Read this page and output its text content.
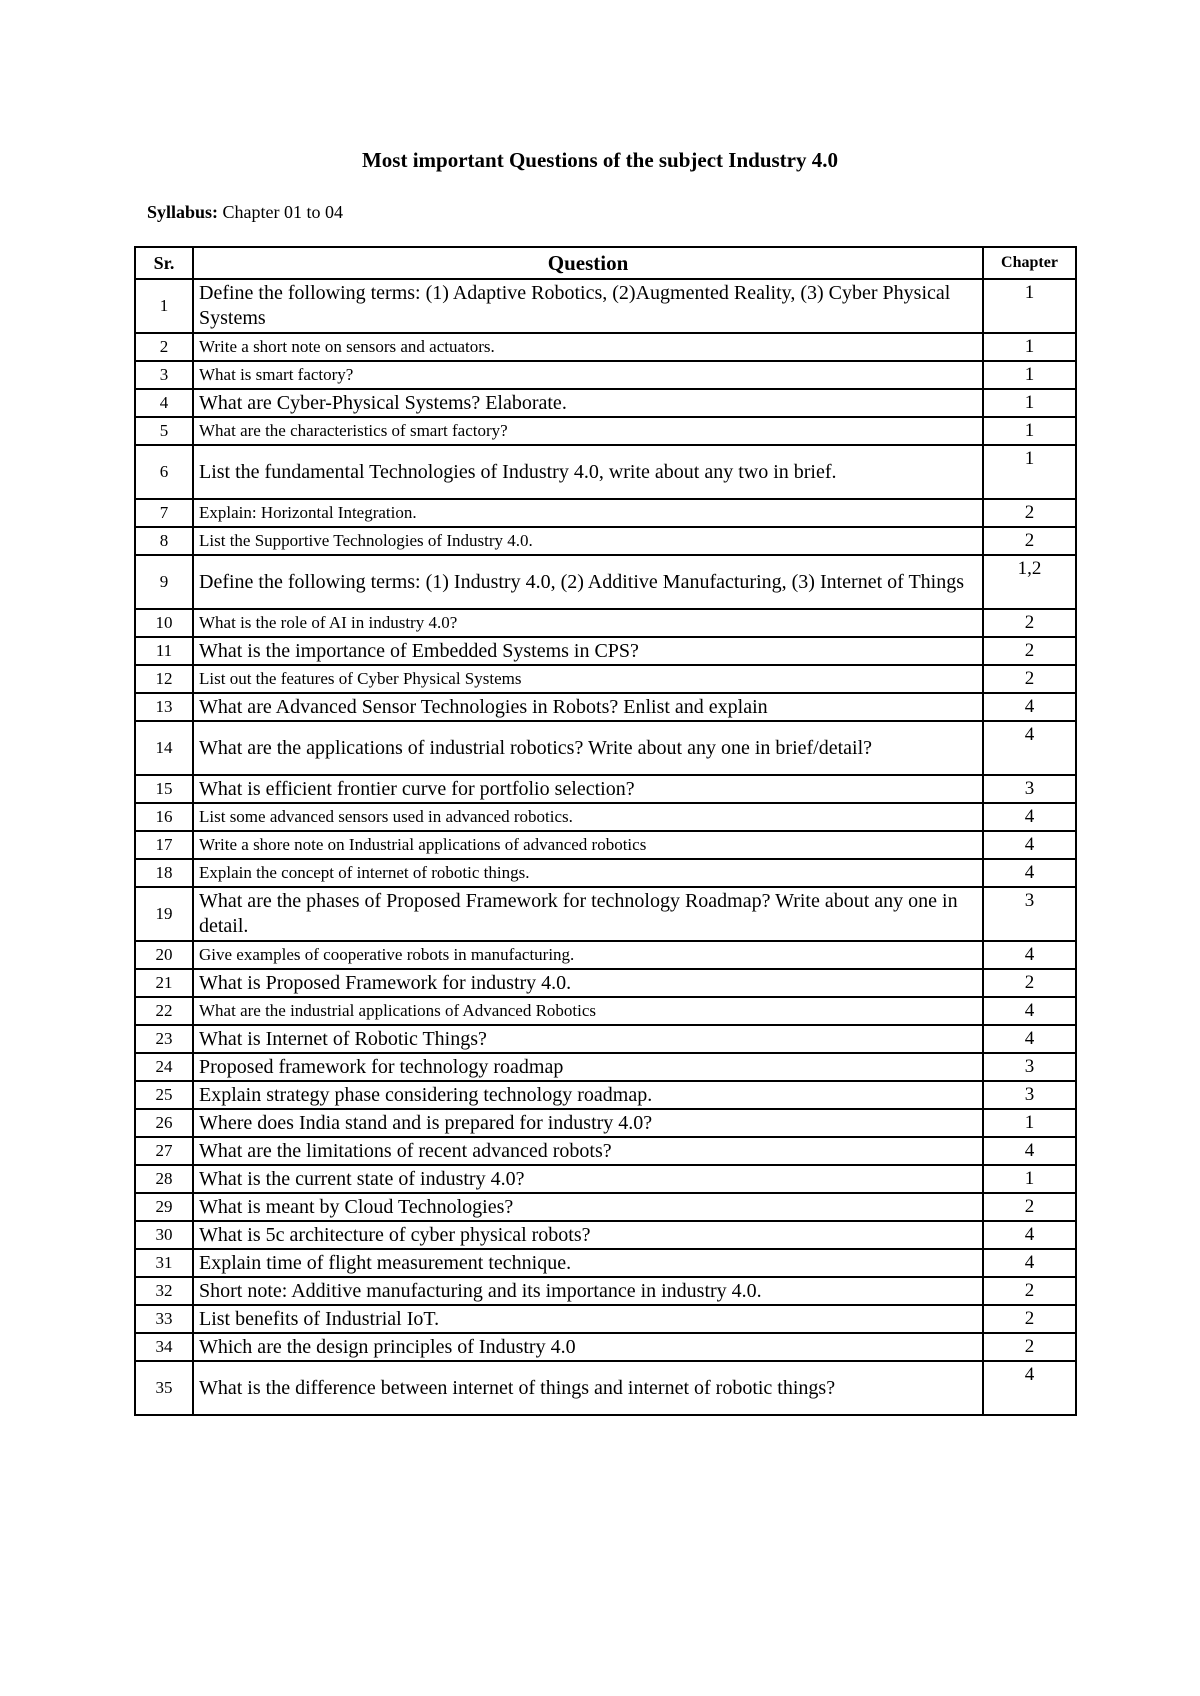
Most important Questions of the subject Industry 4.0
Syllabus: Chapter 01 to 04
Sr.	Question	Chapter
1	Define the following terms: (1) Adaptive Robotics, (2)Augmented Reality, (3) Cyber Physical Systems	1
2	Write a short note on sensors and actuators.	1
3	What is smart factory?	1
4	What are Cyber-Physical Systems? Elaborate.	1
5	What are the characteristics of smart factory?	1
6	List the fundamental Technologies of Industry 4.0, write about any two in brief.	1
7	Explain: Horizontal Integration.	2
8	List the Supportive Technologies of Industry 4.0.	2
9	Define the following terms: (1) Industry 4.0, (2) Additive Manufacturing, (3) Internet of Things	1,2
10	What is the role of AI in industry 4.0?	2
11	What is the importance of Embedded Systems in CPS?	2
12	List out the features of Cyber Physical Systems	2
13	What are Advanced Sensor Technologies in Robots? Enlist and explain	4
14	What are the applications of industrial robotics? Write about any one in brief/detail?	4
15	What is efficient frontier curve for portfolio selection?	3
16	List some advanced sensors used in advanced robotics.	4
17	Write a shore note on Industrial applications of advanced robotics	4
18	Explain the concept of internet of robotic things.	4
19	What are the phases of Proposed Framework for technology Roadmap? Write about any one in detail.	3
20	Give examples of cooperative robots in manufacturing.	4
21	What is Proposed Framework for industry 4.0.	2
22	What are the industrial applications of Advanced Robotics	4
23	What is Internet of Robotic Things?	4
24	Proposed framework for technology roadmap	3
25	Explain strategy phase considering technology roadmap.	3
26	Where does India stand and is prepared for industry 4.0?	1
27	What are the limitations of recent advanced robots?	4
28	What is the current state of industry 4.0?	1
29	What is meant by Cloud Technologies?	2
30	What is 5c architecture of cyber physical robots?	4
31	Explain time of flight measurement technique.	4
32	Short note: Additive manufacturing and its importance in industry 4.0.	2
33	List benefits of Industrial IoT.	2
34	Which are the design principles of Industry 4.0	2
35	What is the difference between internet of things and internet of robotic things?	4
